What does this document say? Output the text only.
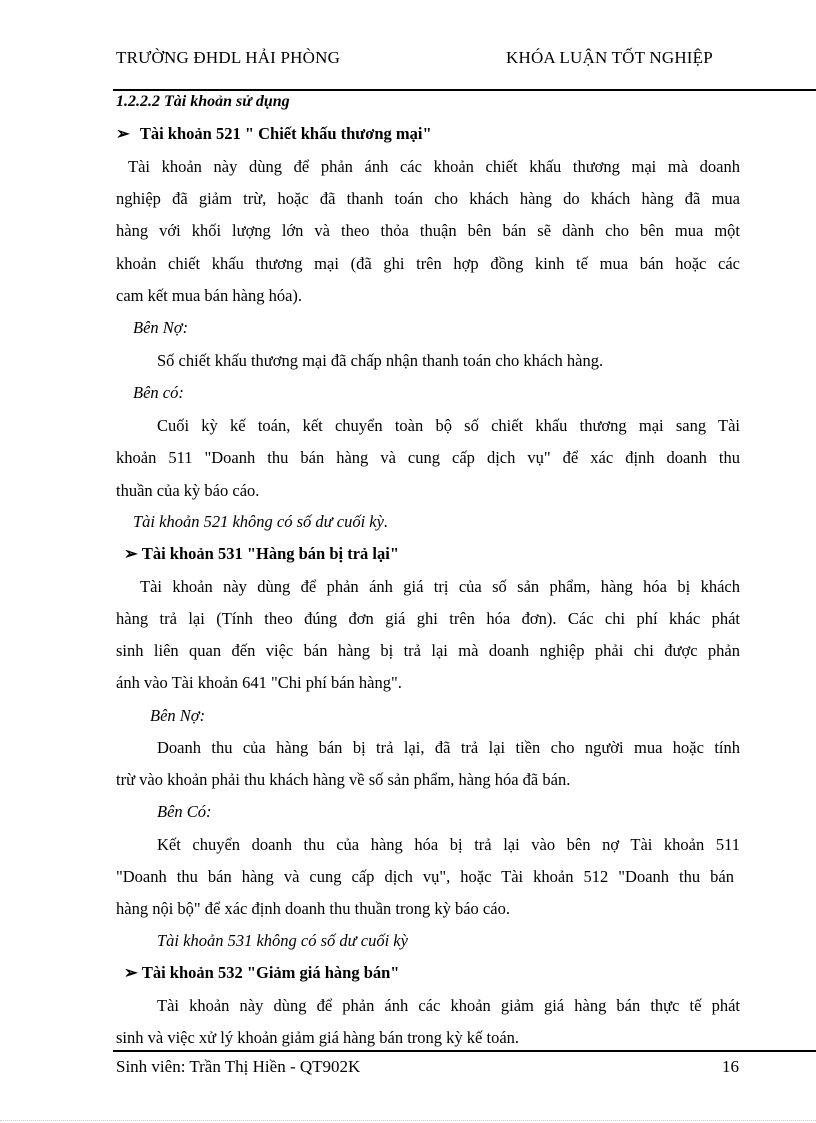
TRƯỜNG ĐHDL HẢI PHÒNG	KHÓA LUẬN TỐT NGHIỆP
1.2.2.2 Tài khoản sử dụng
➢ Tài khoản 521 " Chiết khấu thương mại"
Tài khoản này dùng để phản ánh các khoản chiết khấu thương mại mà doanh
nghiệp đã giảm trừ, hoặc đã thanh toán cho khách hàng do khách hàng đã mua
hàng với khối lượng lớn và theo thỏa thuận bên bán sẽ dành cho bên mua một
khoản chiết khấu thương mại (đã ghi trên hợp đồng kinh tế mua bán hoặc các
cam kết mua bán hàng hóa).
Bên Nợ:
Số chiết khấu thương mại đã chấp nhận thanh toán cho khách hàng.
Bên có:
Cuối kỳ kế toán, kết chuyển toàn bộ số chiết khấu thương mại sang Tài
khoản 511 "Doanh thu bán hàng và cung cấp dịch vụ" để xác định doanh thu
thuần của kỳ báo cáo.
Tài khoản 521 không có số dư cuối kỳ.
➢ Tài khoản 531 "Hàng bán bị trả lại"
Tài khoản này dùng để phản ánh giá trị của số sản phẩm, hàng hóa bị khách
hàng trả lại (Tính theo đúng đơn giá ghi trên hóa đơn). Các chi phí khác phát
sinh liên quan đến việc bán hàng bị trả lại mà doanh nghiệp phải chi được phản
ánh vào Tài khoản 641 "Chi phí bán hàng".
Bên Nợ:
Doanh thu của hàng bán bị trả lại, đã trả lại tiền cho người mua hoặc tính
trừ vào khoản phải thu khách hàng về số sản phẩm, hàng hóa đã bán.
Bên Có:
Kết chuyển doanh thu của hàng hóa bị trả lại vào bên nợ Tài khoản 511
"Doanh thu bán hàng và cung cấp dịch vụ", hoặc Tài khoản 512 "Doanh thu bán
hàng nội bộ" để xác định doanh thu thuần trong kỳ báo cáo.
Tài khoản 531 không có số dư cuối kỳ
➢ Tài khoản 532 "Giảm giá hàng bán"
Tài khoản này dùng để phản ánh các khoản giảm giá hàng bán thực tế phát
sinh và việc xử lý khoản giảm giá hàng bán trong kỳ kế toán.
Sinh viên: Trần Thị Hiền - QT902K	16
